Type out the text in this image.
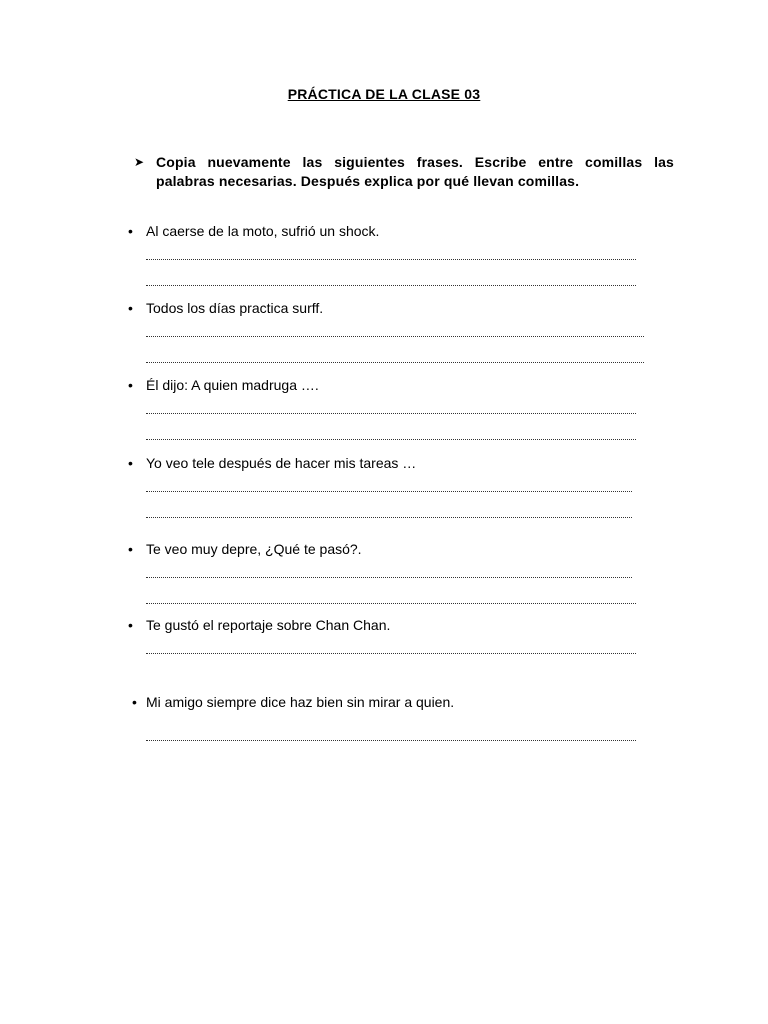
PRÁCTICA DE LA CLASE 03
➤ Copia nuevamente las siguientes frases. Escribe entre comillas las palabras necesarias. Después explica por qué llevan comillas.
• Al caerse de la moto, sufrió un shock.
• Todos los días practica surff.
• Él dijo: A quien madruga ….
• Yo veo tele después de hacer mis tareas …
• Te veo muy depre, ¿Qué te pasó?.
• Te gustó el reportaje sobre Chan Chan.
• Mi amigo siempre dice haz bien sin mirar a quien.
